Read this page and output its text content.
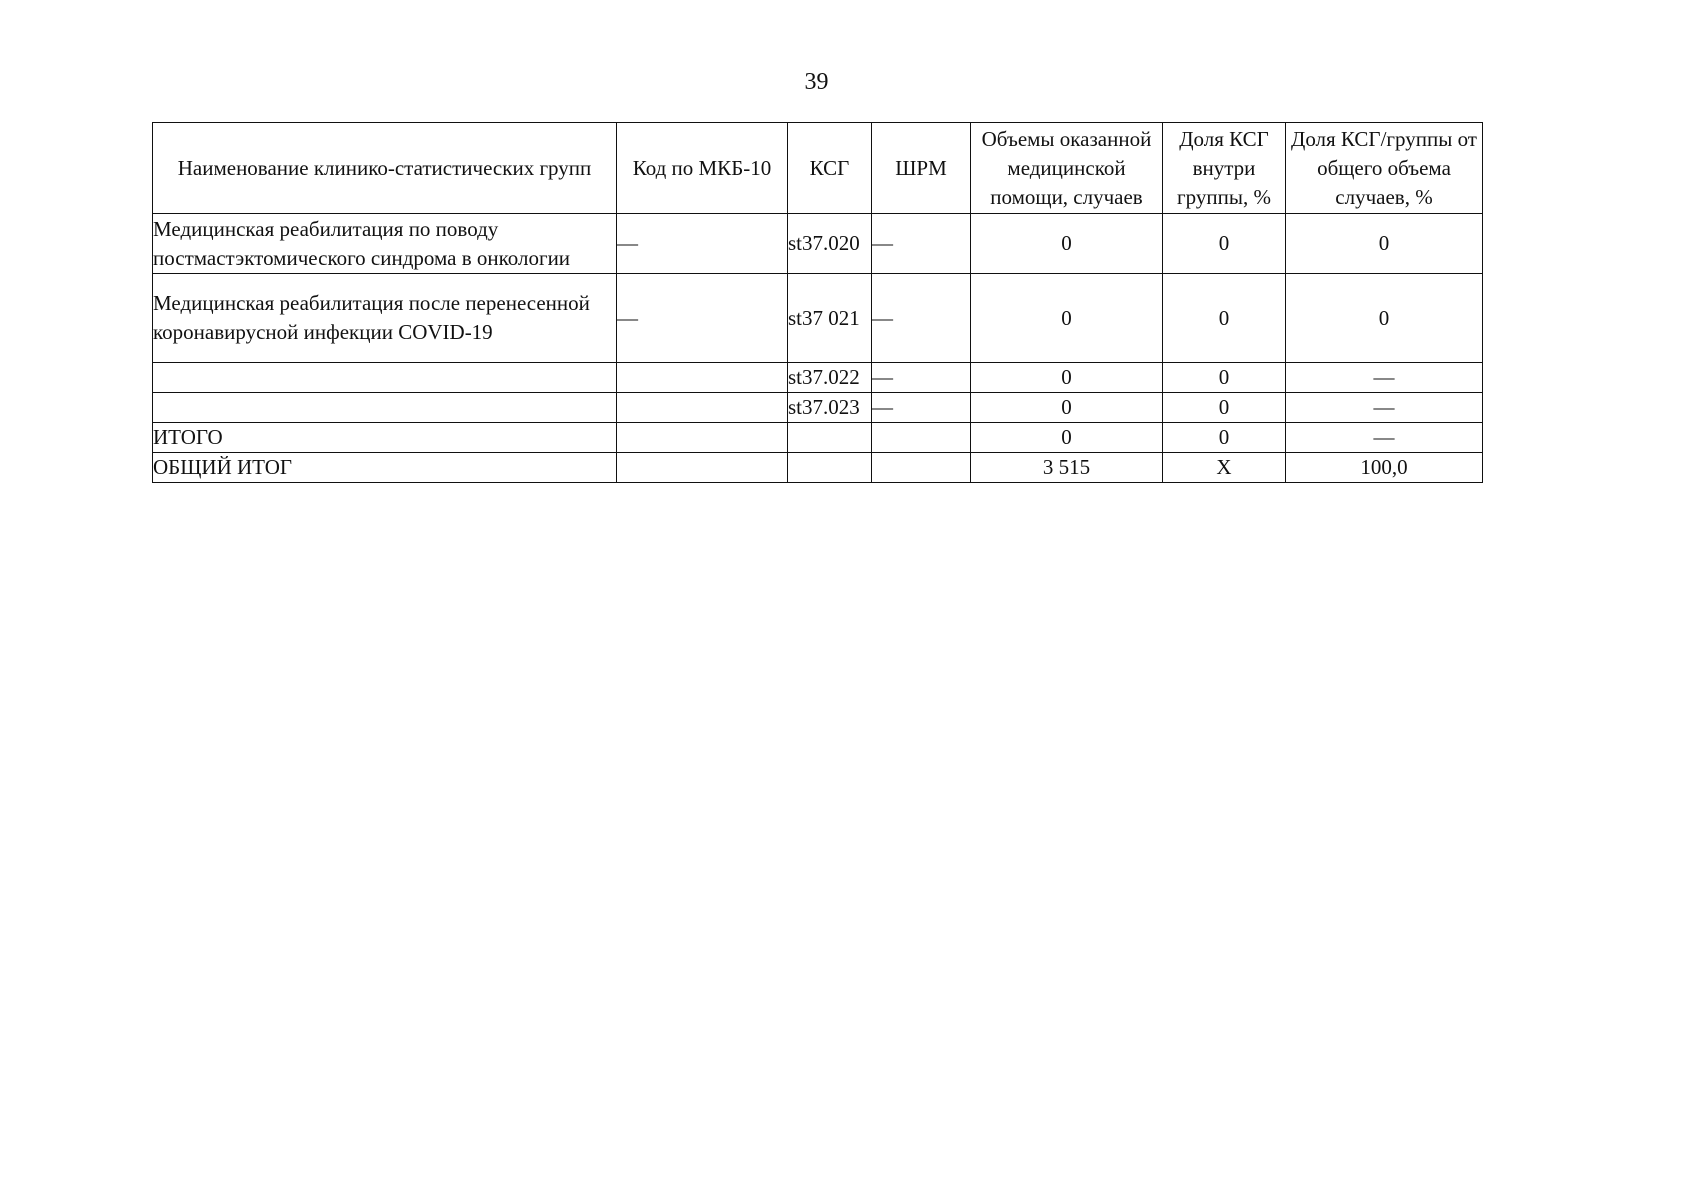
39
Наименование клинико-статистических групп	Код по МКБ-10	КСГ	ШРМ	Объемы оказанной медицинской помощи, случаев	Доля КСГ внутри группы, %	Доля КСГ/группы от общего объема случаев, %
Медицинская реабилитация по поводу постмастэктомического синдрома в онкологии	—	st37.020	—	0	0	0
Медицинская реабилитация после перенесенной коронавирусной инфекции COVID-19	—	st37 021	—	0	0	0
		st37.022	—	0	0	—
		st37.023	—	0	0	—
ИТОГО				0	0	—
ОБЩИЙ ИТОГ				3 515	Х	100,0
